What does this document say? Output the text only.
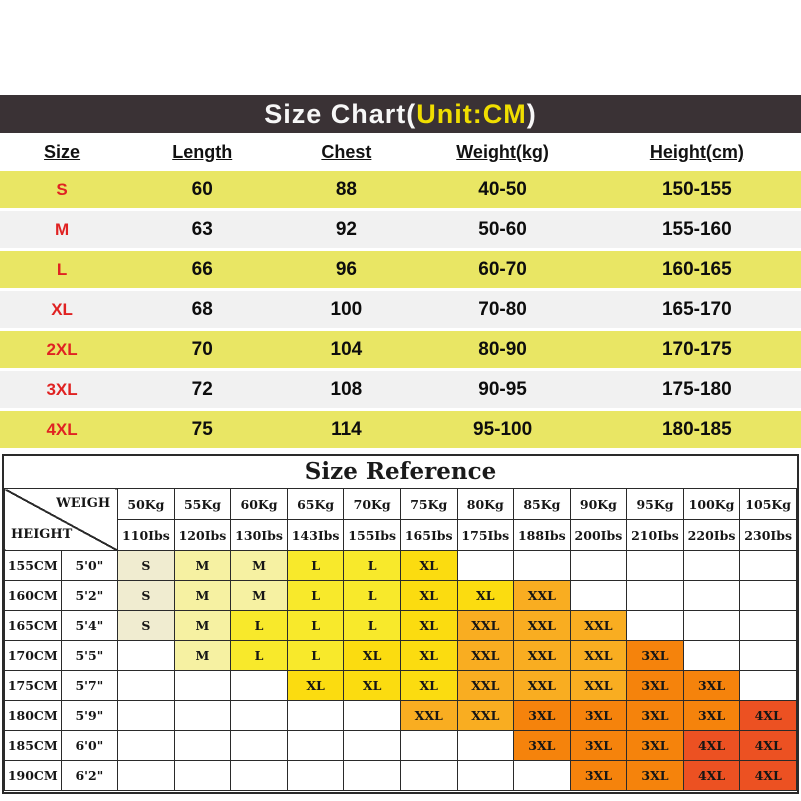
Size Chart(Unit:CM)
Size	Length	Chest	Weight(kg)	Height(cm)
S	60	88	40-50	150-155
M	63	92	50-60	155-160
L	66	96	60-70	160-165
XL	68	100	70-80	165-170
2XL	70	104	80-90	170-175
3XL	72	108	90-95	175-180
4XL	75	114	95-100	180-185
Size Reference
WEIGH
HEIGHT		50Kg	55Kg	60Kg	65Kg	70Kg	75Kg	80Kg	85Kg	90Kg	95Kg	100Kg	105Kg
		110Ibs	120Ibs	130Ibs	143Ibs	155Ibs	165Ibs	175Ibs	188Ibs	200Ibs	210Ibs	220Ibs	230Ibs
155CM	5'0"	S	M	M	L	L	XL						
160CM	5'2"	S	M	M	L	L	XL	XL	XXL				
165CM	5'4"	S	M	L	L	L	XL	XXL	XXL	XXL			
170CM	5'5"		M	L	L	XL	XL	XXL	XXL	XXL	3XL		
175CM	5'7"				XL	XL	XL	XXL	XXL	XXL	3XL	3XL	
180CM	5'9"						XXL	XXL	3XL	3XL	3XL	3XL	4XL
185CM	6'0"								3XL	3XL	3XL	4XL	4XL
190CM	6'2"									3XL	3XL	4XL	4XL
